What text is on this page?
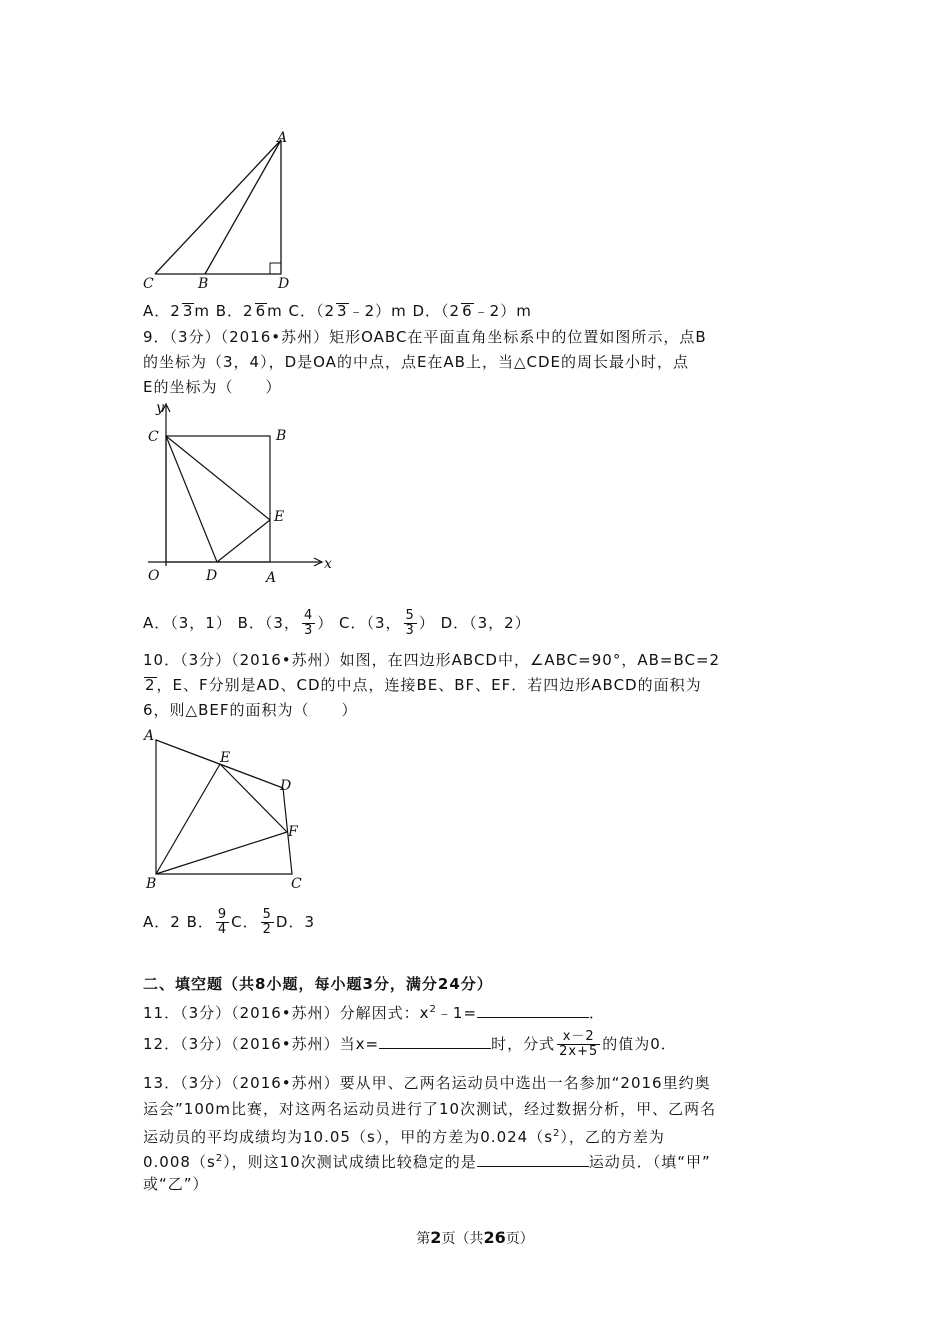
A
C	B	D
A．2 3m B．2 6m C．（2 3﹣2）m D．（2 6﹣2）m
9．（3分）（2016•苏州）矩形OABC在平面直角坐标系中的位置如图所示，点B
的坐标为（3，4），D是OA的中点，点E在AB上，当△CDE的周长最小时，点
E的坐标为（　　）
y
C	B
E
O	D	A
x
A．（3，1） B．（3， $\frac{4}{3}$ ） C．（3， $\frac{5}{3}$ ） D．（3，2）
10．（3分）（2016•苏州）如图，在四边形ABCD中，∠ABC=90°，AB=BC=2
2，E、F分别是AD、CD的中点，连接BE、BF、EF．若四边形ABCD的面积为
6，则△BEF的面积为（　　）
A
E
D
F
B	C
A．2 B． $\frac{9}{4}$ C． $\frac{5}{2}$ D．3
二、填空题（共8小题，每小题3分，满分24分）
11．（3分）（2016•苏州）分解因式：$x^2﹣1=$	．
12．（3分）（2016•苏州）当x=	时，分式 $\frac{x-2}{2x+5}$ 的值为0．
13．（3分）（2016•苏州）要从甲、乙两名运动员中选出一名参加“2016里约奥
运会”100m比赛，对这两名运动员进行了10次测试，经过数据分析，甲、乙两名
运动员的平均成绩均为10.05（s），甲的方差为$0.024(s^2)$，乙的方差为
$0.008(s^2)$，则这10次测试成绩比较稳定的是	运动员．（填“甲”
或“乙”）
第2页（共26页）
